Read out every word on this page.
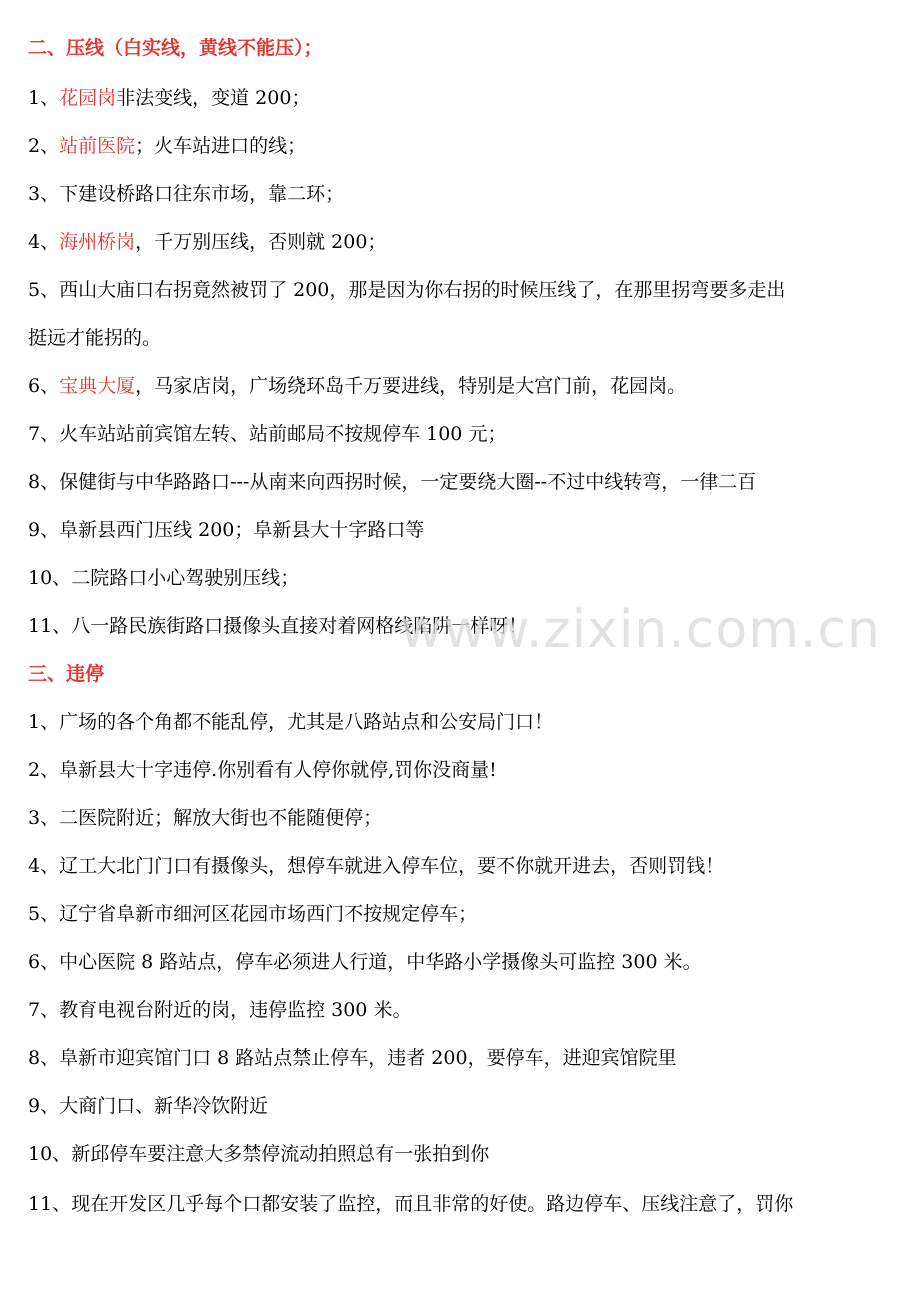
二、压线（白实线，黄线不能压）；
1、花园岗非法变线，变道 200；
2、站前医院；火车站进口的线；
3、下建设桥路口往东市场，靠二环；
4、海州桥岗，千万别压线，否则就 200；
5、西山大庙口右拐竟然被罚了 200，那是因为你右拐的时候压线了，在那里拐弯要多走出
挺远才能拐的。
6、宝典大厦，马家店岗，广场绕环岛千万要进线，特别是大宫门前，花园岗。
7、火车站站前宾馆左转、站前邮局不按规停车 100 元；
8、保健街与中华路路口---从南来向西拐时候，一定要绕大圈--不过中线转弯，一律二百
9、阜新县西门压线 200；阜新县大十字路口等
10、二院路口小心驾驶别压线；
11、八一路民族街路口摄像头直接对着网格线陷阱一样呀！
三、违停
1、广场的各个角都不能乱停，尤其是八路站点和公安局门口！
2、阜新县大十字违停.你别看有人停你就停,罚你没商量!
3、二医院附近；解放大街也不能随便停；
4、辽工大北门门口有摄像头，想停车就进入停车位，要不你就开进去，否则罚钱！
5、辽宁省阜新市细河区花园市场西门不按规定停车；
6、中心医院 8 路站点，停车必须进人行道，中华路小学摄像头可监控 300 米。
7、教育电视台附近的岗，违停监控 300 米。
8、阜新市迎宾馆门口 8 路站点禁止停车，违者 200，要停车，进迎宾馆院里
9、大商门口、新华冷饮附近
10、新邱停车要注意大多禁停流动拍照总有一张拍到你
11、现在开发区几乎每个口都安装了监控，而且非常的好使。路边停车、压线注意了，罚你
www.zixin.com.cn
